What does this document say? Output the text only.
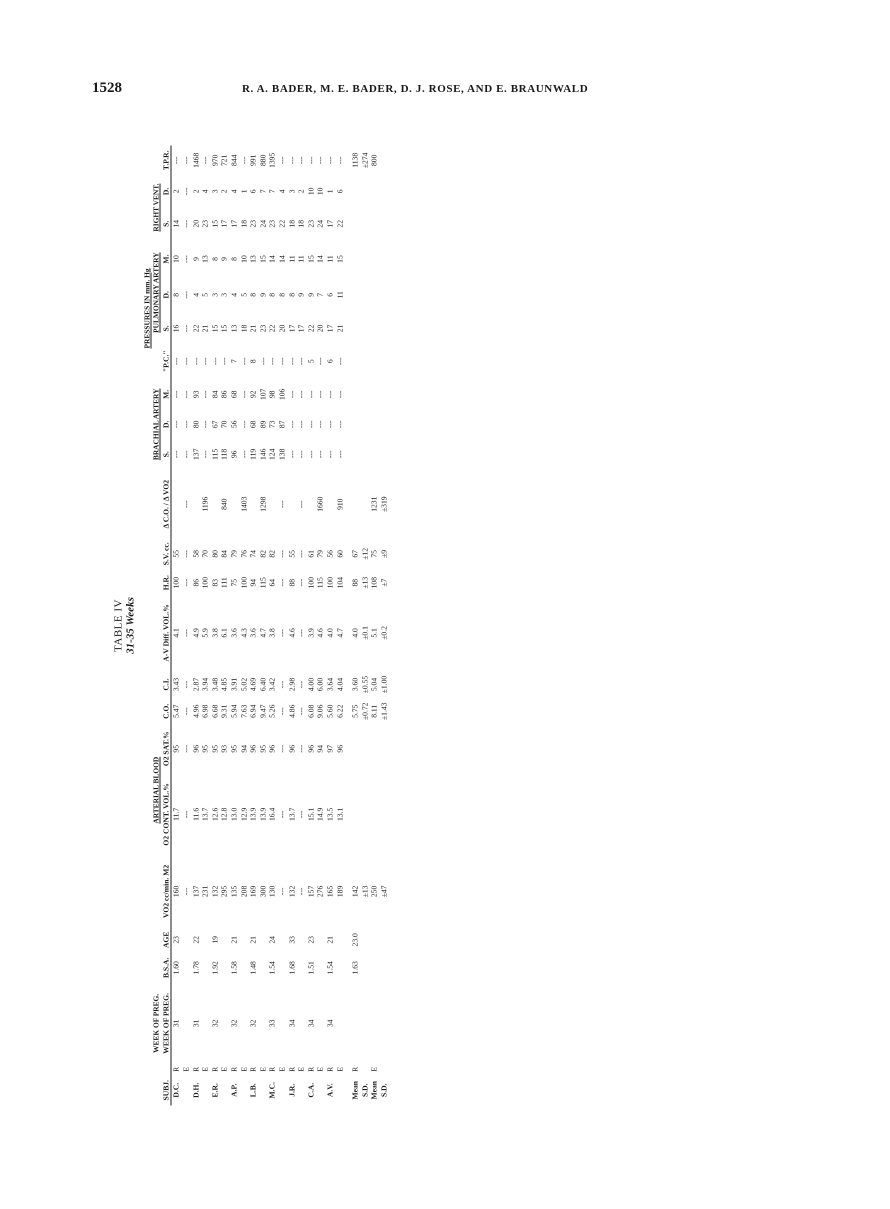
1528	R. A. BADER, M. E. BADER, D. J. ROSE, AND E. BRAUNWALD
TABLE IV 31-35 Weeks
														PRESSURES IN mm. Hg									
		WEEK OF PREG.				ARTERIAL BLOOD								BRACHIAL ARTERY				PULMONARY ARTERY			RIGHT VENT.		
SUBJ.		WEEK OF PREG.	B.S.A.	AGE	VO2 cc/min. M2	O2 CONT. VOL.%	O2 SAT.%	C.O.	C.I.	A-V Diff. VOL.%	H.R.	S.V. cc.	Δ C.O. / Δ VO2	S.	D.	M.	"P.C."	S.	D.	M.	S.	D.	T.P.R.
D.C.	R	31	1.60	23	160	11.7	95	5.47	3.43	4.1	100	55		---	---	---	---	16	8	10	14	2	---
	E				---	---	---	---	---	---	---	---	---	---	---	---	---	---	---	---	---	---	---
D.H.	R	31	1.78	22	137	11.6	96	4.96	2.87	4.9	86	58		137	80	93	---	22	4	9	20	2	1468
	E				231	13.7	95	6.98	3.94	5.9	100	70	1196	---	---	---	---	21	5	13	23	4	---
E.R.	R	32	1.92	19	132	12.6	95	6.68	3.48	3.8	83	80		115	67	84	---	15	3	8	15	3	970
	E				295	12.8	93	9.31	4.85	6.1	111	84	840	118	70	86	---	15	3	9	17	2	721
A.P.	R	32	1.58	21	135	13.0	95	5.94	3.91	3.6	75	79		96	56	68	7	13	4	8	17	4	844
	E				208	12.9	94	7.63	5.02	4.3	100	76	1403	---	---	---	---	18	5	10	18	1	---
L.B.	R	32	1.48	21	169	13.9	96	6.94	4.69	3.6	94	74		119	68	92	8	21	8	13	23	6	991
	E				300	13.9	95	9.47	6.40	4.7	115	82	1298	146	89	107	---	23	9	15	24	7	880
M.C.	R	33	1.54	24	130	16.4	96	5.26	3.42	3.8	64	82		124	73	98	---	22	8	14	23	7	1395
	E				---	---	---	---	---	---	---	---	---	138	87	106	---	20	8	14	22	4	---
J.R.	R	34	1.68	33	132	13.7	96	4.86	2.98	4.6	88	55		---	---	---	---	17	8	11	18	3	---
	E				---	---	---	---	---	---	---	---	---	---	---	---	---	17	9	11	18	2	---
C.A.	R	34	1.51	23	157	15.1	96	6.08	4.00	3.9	100	61		---	---	---	5	22	9	15	23	10	---
	E				276	14.9	94	9.06	6.00	4.6	115	79	1660	---	---	---	---	20	7	14	24	10	---
A.V.	R	34	1.54	21	165	13.5	97	5.60	3.64	4.0	100	56		---	---	---	6	17	6	11	17	1	---
	E				189	13.1	96	6.22	4.04	4.7	104	60	910	---	---	---	---	21	11	15	22	6	---
Mean	R		1.63	23.0	142			5.75	3.60	4.0	88	67											1138
S.D.					±13			±0.72	±0.55	±0.1	±13	±12											±274
Mean	E				250			8.11	5.04	5.1	108	75	1231										800
S.D.					±47			±1.43	±1.00	±0.2	±7	±9	±319										
